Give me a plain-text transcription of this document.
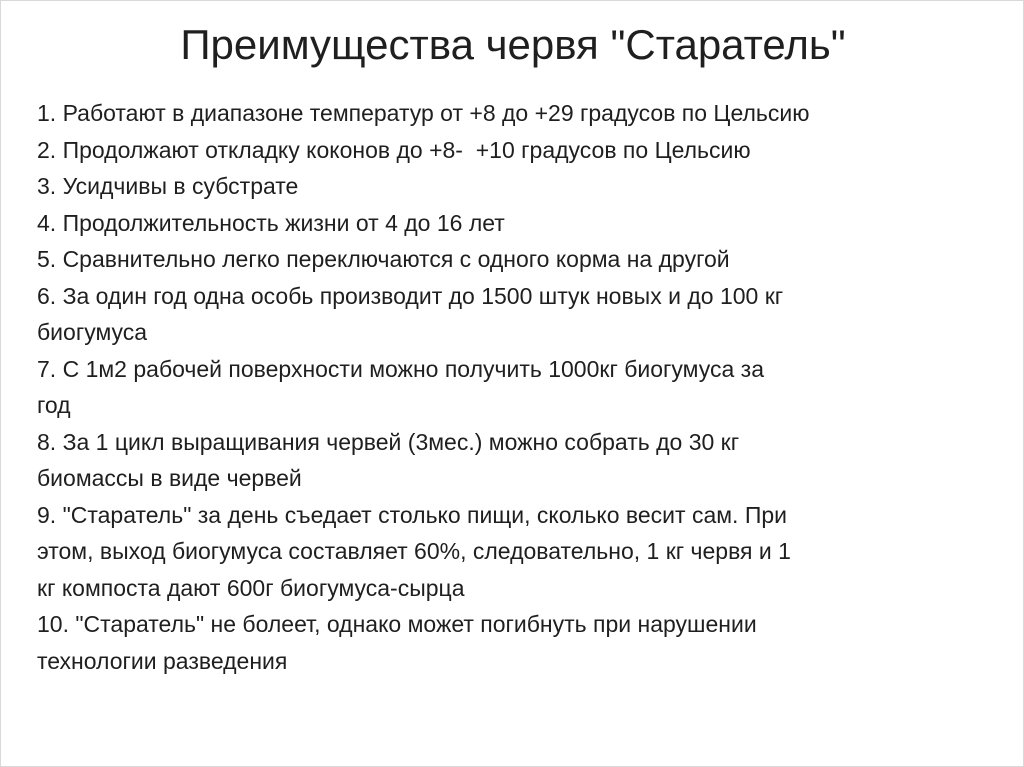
Преимущества червя "Старатель"
1. Работают в диапазоне температур от +8 до +29 градусов по Цельсию
2. Продолжают откладку коконов до +8-  +10 градусов по Цельсию
3. Усидчивы в субстрате
4. Продолжительность жизни от 4 до 16 лет
5. Сравнительно легко переключаются с одного корма на другой
6. За один год одна особь производит до 1500 штук новых и до 100 кг
биогумуса
7. С 1м2 рабочей поверхности можно получить 1000кг биогумуса за
год
8. За 1 цикл выращивания червей (3мес.) можно собрать до 30 кг
биомассы в виде червей
9. "Старатель" за день съедает столько пищи, сколько весит сам. При
этом, выход биогумуса составляет 60%, следовательно, 1 кг червя и 1
кг компоста дают 600г биогумуса-сырца
10. "Старатель" не болеет, однако может погибнуть при нарушении
технологии разведения
